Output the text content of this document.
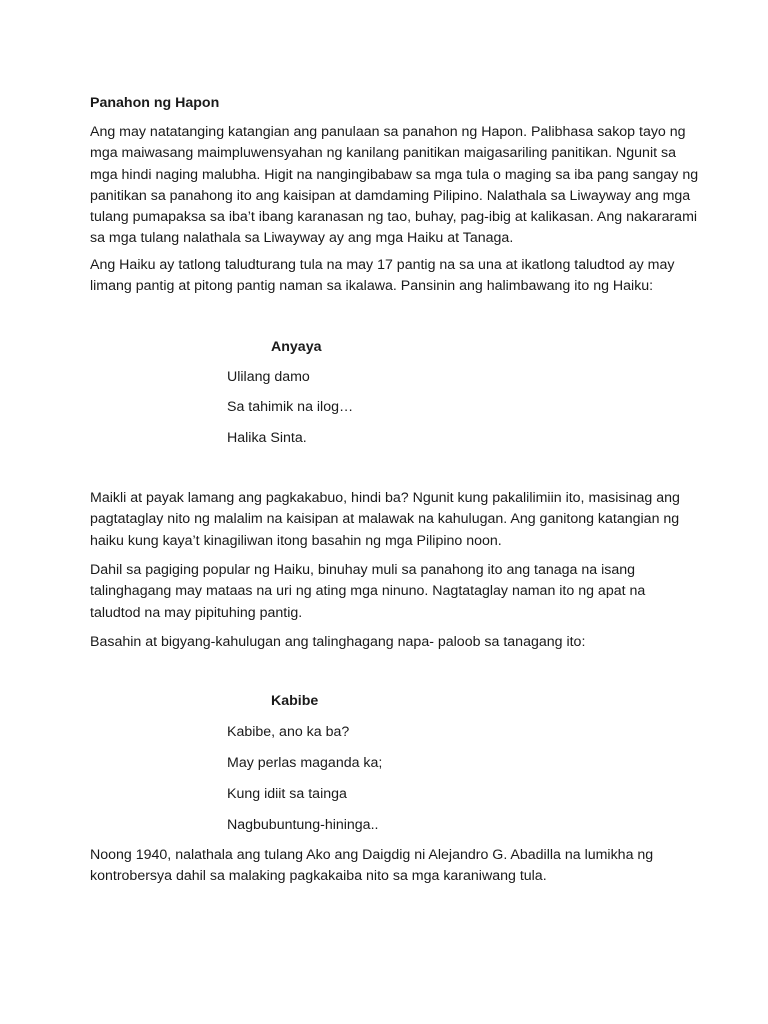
Panahon ng Hapon
Ang may natatanging katangian ang panulaan sa panahon ng Hapon. Palibhasa sakop tayo ng
mga maiwasang maimpluwensyahan ng kanilang panitikan maigasariling panitikan. Ngunit sa
mga hindi naging malubha. Higit na nangingibabaw sa mga tula o maging sa iba pang sangay ng
panitikan sa panahong ito ang kaisipan at damdaming Pilipino. Nalathala sa Liwayway ang mga
tulang pumapaksa sa iba’t ibang karanasan ng tao, buhay, pag-ibig at kalikasan. Ang nakararami
sa mga tulang nalathala sa Liwayway ay ang mga Haiku at Tanaga.
Ang Haiku ay tatlong taludturang tula na may 17 pantig na sa una at ikatlong taludtod ay may
limang pantig at pitong pantig naman sa ikalawa. Pansinin ang halimbawang ito ng Haiku:
Anyaya
Ulilang damo
Sa tahimik na ilog…
Halika Sinta.
Maikli at payak lamang ang pagkakabuo, hindi ba? Ngunit kung pakalilimiin ito, masisinag ang
pagtataglay nito ng malalim na kaisipan at malawak na kahulugan. Ang ganitong katangian ng
haiku kung kaya’t kinagiliwan itong basahin ng mga Pilipino noon.
Dahil sa pagiging popular ng Haiku, binuhay muli sa panahong ito ang tanaga na isang
talinghagang may mataas na uri ng ating mga ninuno. Nagtataglay naman ito ng apat na
taludtod na may pipituhing pantig.
Basahin at bigyang-kahulugan ang talinghagang napa- paloob sa tanagang ito:
Kabibe
Kabibe, ano ka ba?
May perlas maganda ka;
Kung idiit sa tainga
Nagbubuntung-hininga..
Noong 1940, nalathala ang tulang Ako ang Daigdig ni Alejandro G. Abadilla na lumikha ng
kontrobersya dahil sa malaking pagkakaiba nito sa mga karaniwang tula.
